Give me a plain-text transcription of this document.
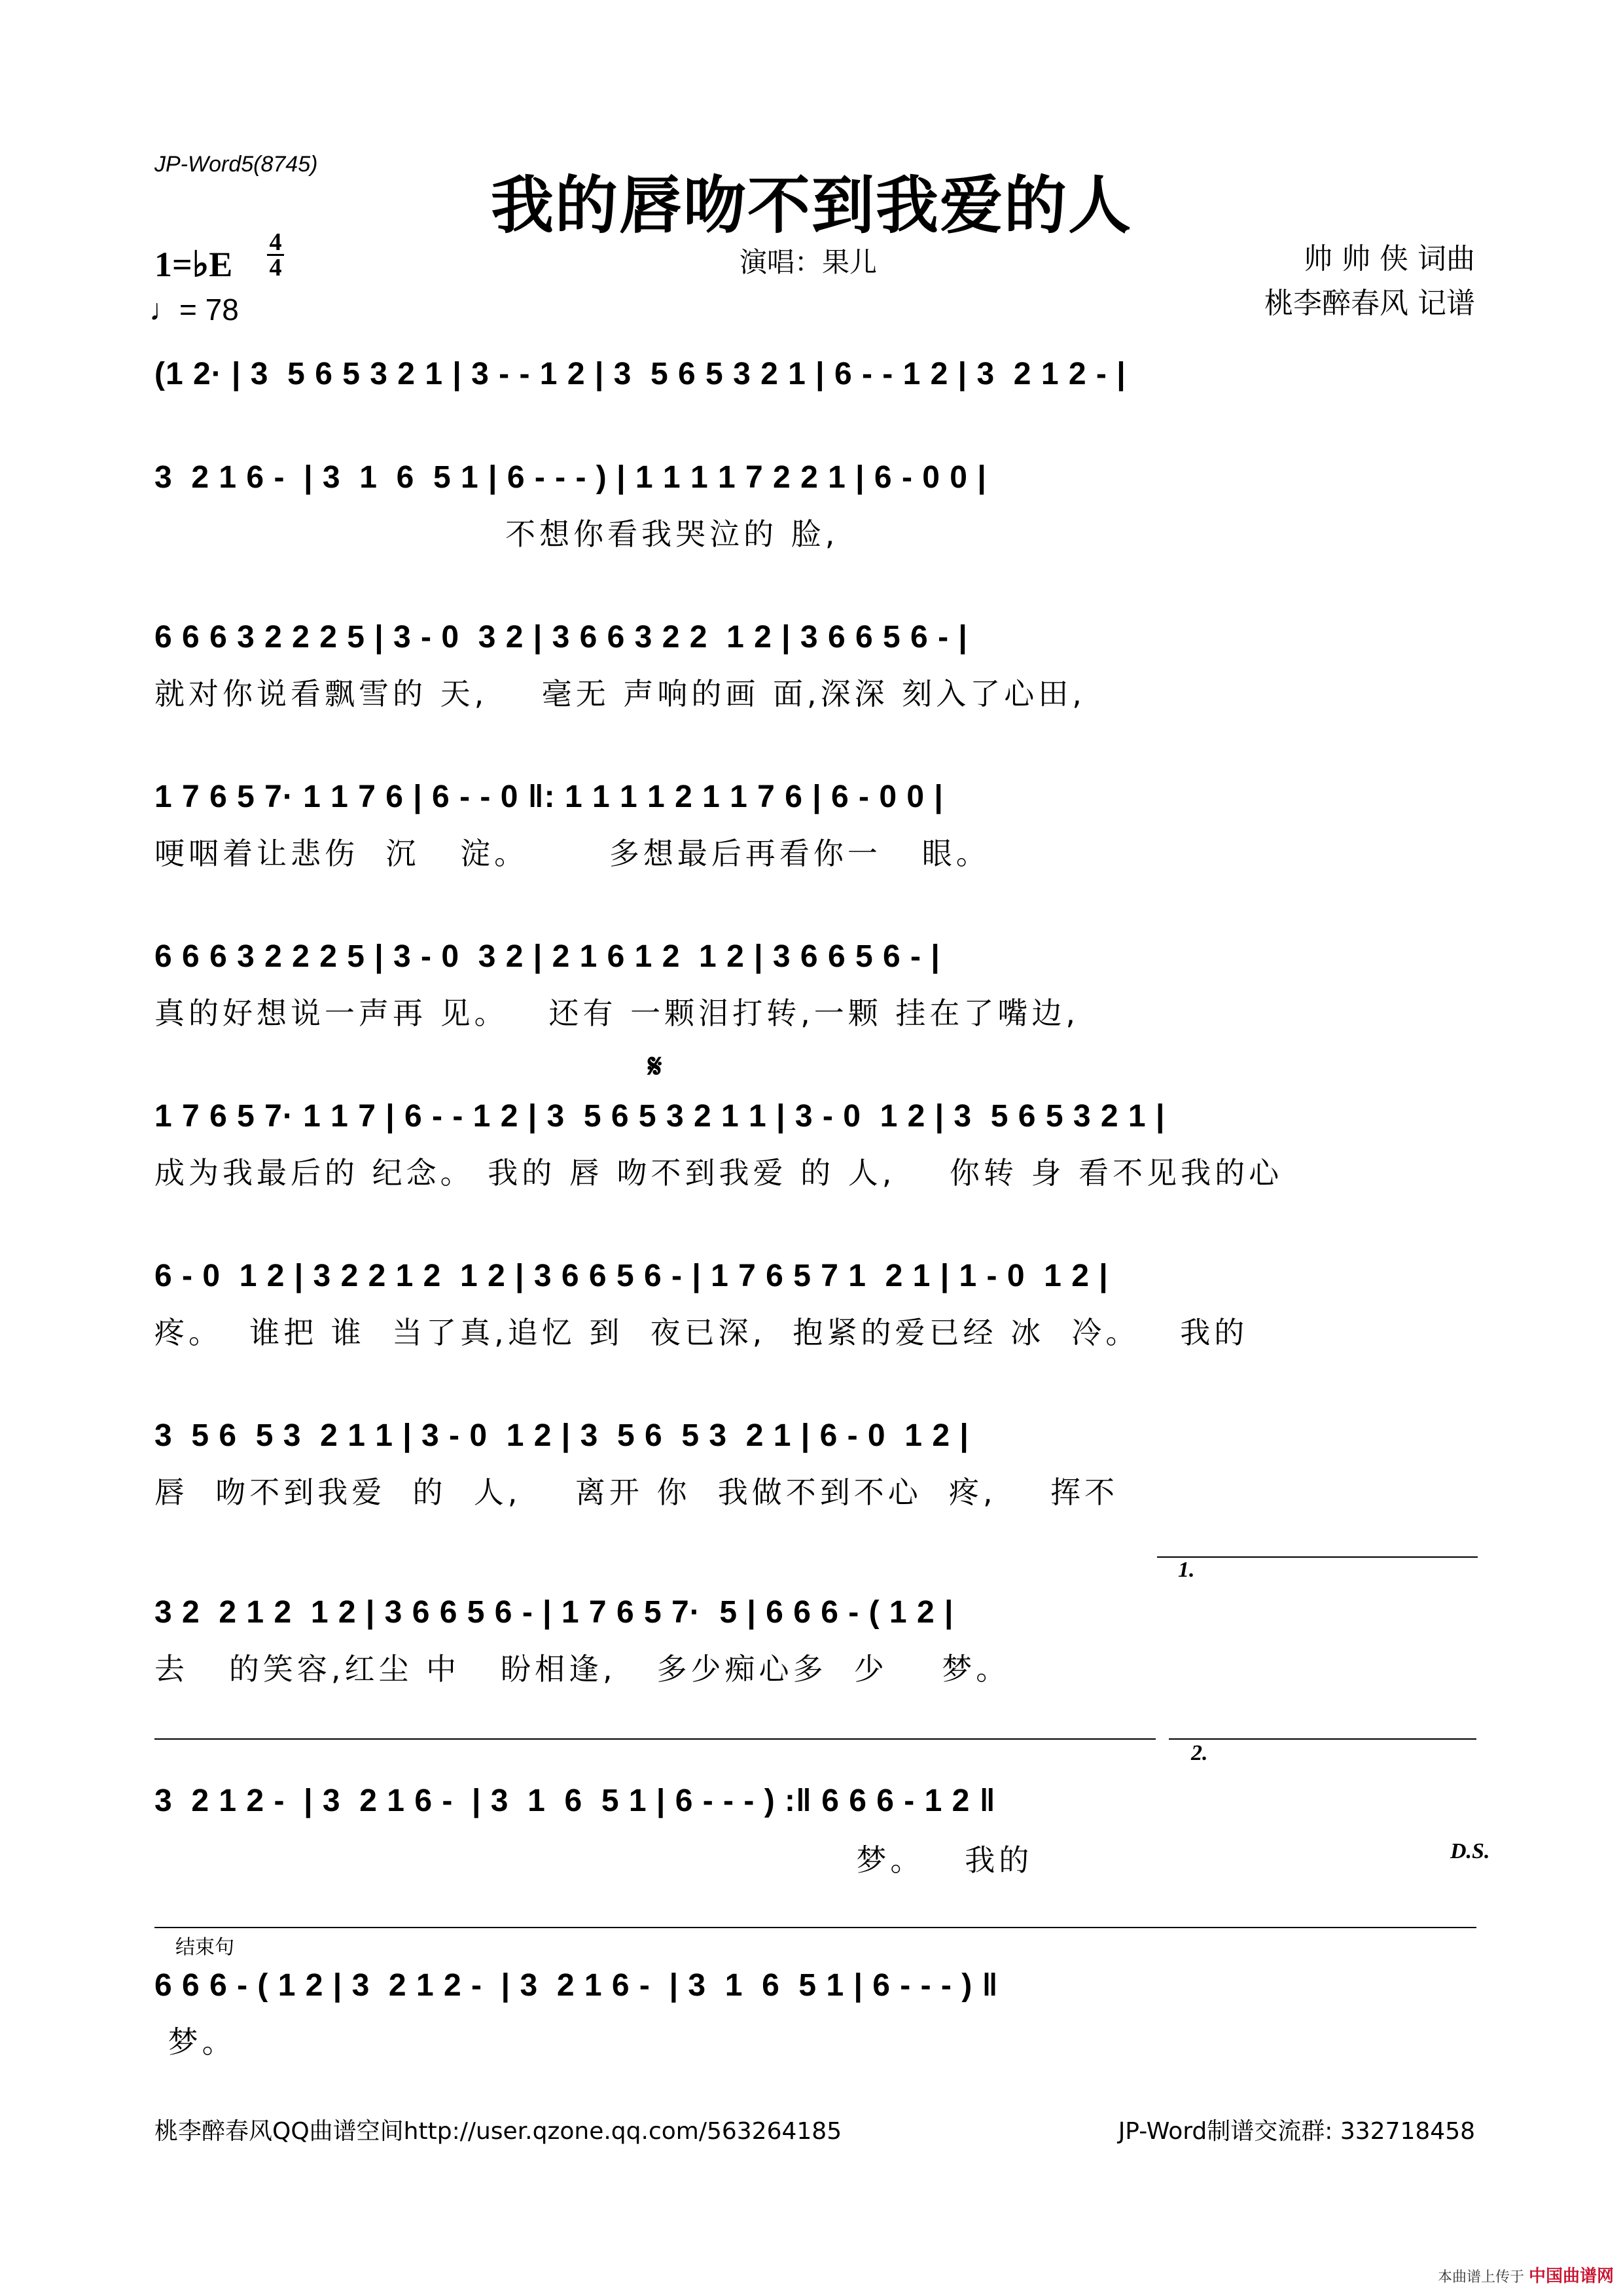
JP-Word5(8745)
我的唇吻不到我爱的人
1=♭E
4
4
♩= 78
演唱：果儿	帅 帅 侠 词曲
桃李醉春风 记谱
(1 2· | 3  5 6 5 3 2 1 | 3 - - 1 2 | 3  5 6 5 3 2 1 | 6 - - 1 2 | 3  2 1 2 - |
3  2 1 6 -  | 3  1  6  5 1 | 6 - - - ) | 1 1 1 1 7 2 2 1 | 6 - 0 0 |
不想你看我哭泣的 脸,
6 6 6 3 2 2 2 5 | 3 - 0  3 2 | 3 6 6 3 2 2  1 2 | 3 6 6 5 6 - |
就对你说看飘雪的 天,    毫无 声响的画 面,深深 刻入了心田,
1 7 6 5 7· 1 1 7 6 | 6 - - 0 ‖: 1 1 1 1 2 1 1 7 6 | 6 - 0 0 |
哽咽着让悲伤  沉   淀。      多想最后再看你一   眼。
6 6 6 3 2 2 2 5 | 3 - 0  3 2 | 2 1 6 1 2  1 2 | 3 6 6 5 6 - |
真的好想说一声再 见。   还有 一颗泪打转,一颗 挂在了嘴边,
𝄋
1 7 6 5 7· 1 1 7 | 6 - - 1 2 | 3  5 6 5 3 2 1 1 | 3 - 0  1 2 | 3  5 6 5 3 2 1 |
成为我最后的 纪念。 我的 唇 吻不到我爱 的 人,    你转 身 看不见我的心
6 - 0  1 2 | 3 2 2 1 2  1 2 | 3 6 6 5 6 - | 1 7 6 5 7 1  2 1 | 1 - 0  1 2 |
疼。  谁把 谁  当了真,追忆 到  夜已深,  抱紧的爱已经 冰  冷。   我的
3  5 6  5 3  2 1 1 | 3 - 0  1 2 | 3  5 6  5 3  2 1 | 6 - 0  1 2 |
唇  吻不到我爱  的  人,    离开 你  我做不到不心  疼,    挥不
1.
3 2  2 1 2  1 2 | 3 6 6 5 6 - | 1 7 6 5 7·  5 | 6 6 6 - ( 1 2 |
去   的笑容,红尘 中   盼相逢,   多少痴心多  少    梦。
2.
3  2 1 2 -  | 3  2 1 6 -  | 3  1  6  5 1 | 6 - - - ) :‖ 6 6 6 - 1 2 ‖
梦。   我的	D.S.
结束句
6 6 6 - ( 1 2 | 3  2 1 2 -  | 3  2 1 6 -  | 3  1  6  5 1 | 6 - - - ) ‖
梦。
桃李醉春风QQ曲谱空间http://user.qzone.qq.com/563264185	JP-Word制谱交流群: 332718458
本曲谱上传于 中国曲谱网
